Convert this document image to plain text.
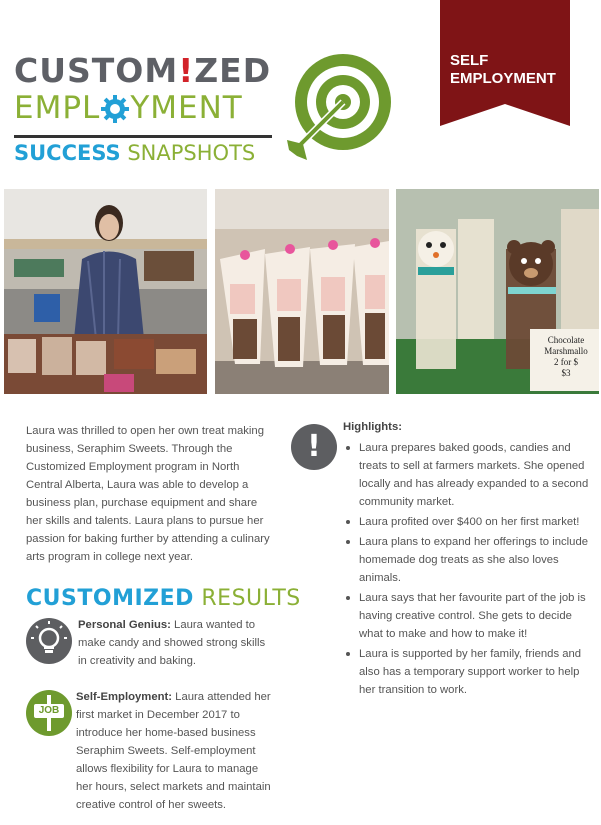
CUSTOM!ZED
EMPL YMENT
SUCCESS SNAPSHOTS
SELF
EMPLOYMENT
Chocolate
Marshmallo
2 for $
$3

Laura was thrilled to open her own treat making business, Seraphim Sweets. Through the Customized Employment program in North Central Alberta, Laura was able to develop a business plan, purchase equipment and share her skills and talents. Laura plans to pursue her passion for baking further by attending a culinary arts program in college next year.

CUSTOMIZED RESULTS

Personal Genius: Laura wanted to make candy and showed strong skills in creativity and baking.

JOB

Self-Employment: Laura attended her first market in December 2017 to introduce her home-based business Seraphim Sweets. Self-employment allows flexibility for Laura to manage her hours, select markets and maintain creative control of her sweets.

!
Highlights:
Laura prepares baked goods, candies and treats to sell at farmers markets. She opened locally and has already expanded to a second community market.
Laura profited over $400 on her first market!
Laura plans to expand her offerings to include homemade dog treats as she also loves animals.
Laura says that her favourite part of the job is having creative control. She gets to decide what to make and how to make it!
Laura is supported by her family, friends and also has a temporary support worker to help her transition to work.
